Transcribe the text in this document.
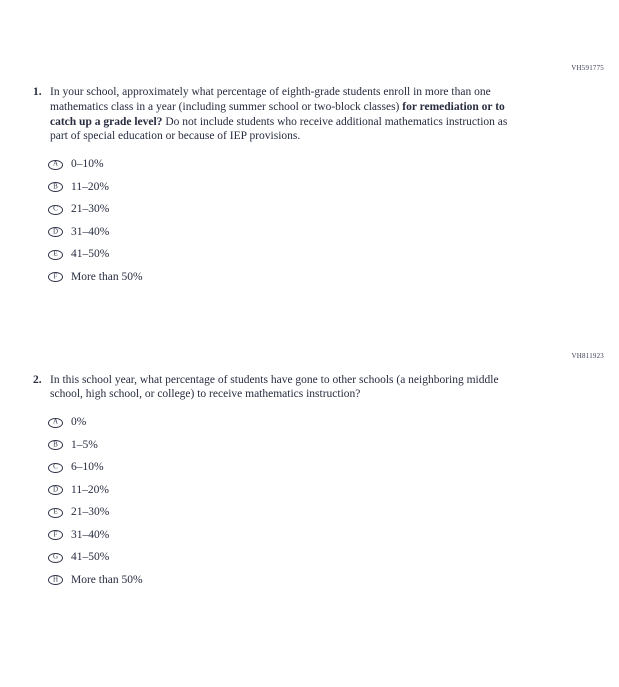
VH591775
1. In your school, approximately what percentage of eighth-grade students enroll in more than one mathematics class in a year (including summer school or two-block classes) for remediation or to catch up a grade level? Do not include students who receive additional mathematics instruction as part of special education or because of IEP provisions.
A 0–10%
B 11–20%
C 21–30%
D 31–40%
E 41–50%
F More than 50%
VH811923
2. In this school year, what percentage of students have gone to other schools (a neighboring middle school, high school, or college) to receive mathematics instruction?
A 0%
B 1–5%
C 6–10%
D 11–20%
E 21–30%
F 31–40%
G 41–50%
H More than 50%
